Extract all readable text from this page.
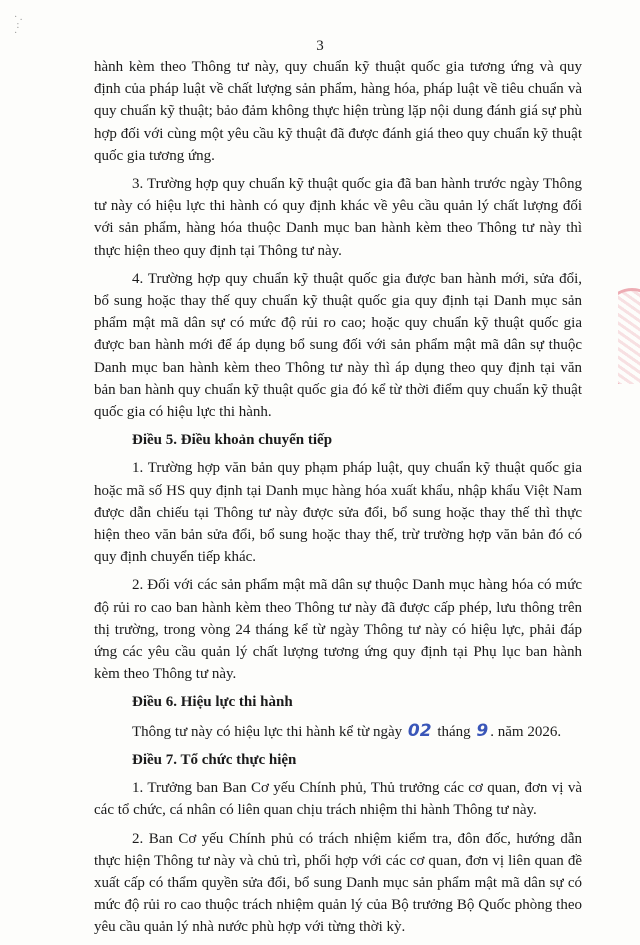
· .
:
·
3

hành kèm theo Thông tư này, quy chuẩn kỹ thuật quốc gia tương ứng và quy định của pháp luật về chất lượng sản phẩm, hàng hóa, pháp luật về tiêu chuẩn và quy chuẩn kỹ thuật; bảo đảm không thực hiện trùng lặp nội dung đánh giá sự phù hợp đối với cùng một yêu cầu kỹ thuật đã được đánh giá theo quy chuẩn kỹ thuật quốc gia tương ứng.

3. Trường hợp quy chuẩn kỹ thuật quốc gia đã ban hành trước ngày Thông tư này có hiệu lực thi hành có quy định khác về yêu cầu quản lý chất lượng đối với sản phẩm, hàng hóa thuộc Danh mục ban hành kèm theo Thông tư này thì thực hiện theo quy định tại Thông tư này.

4. Trường hợp quy chuẩn kỹ thuật quốc gia được ban hành mới, sửa đổi, bổ sung hoặc thay thế quy chuẩn kỹ thuật quốc gia quy định tại Danh mục sản phẩm mật mã dân sự có mức độ rủi ro cao; hoặc quy chuẩn kỹ thuật quốc gia được ban hành mới để áp dụng bổ sung đối với sản phẩm mật mã dân sự thuộc Danh mục ban hành kèm theo Thông tư này thì áp dụng theo quy định tại văn bản ban hành quy chuẩn kỹ thuật quốc gia đó kể từ thời điểm quy chuẩn kỹ thuật quốc gia có hiệu lực thi hành.

Điều 5. Điều khoản chuyển tiếp

1. Trường hợp văn bản quy phạm pháp luật, quy chuẩn kỹ thuật quốc gia hoặc mã số HS quy định tại Danh mục hàng hóa xuất khẩu, nhập khẩu Việt Nam được dẫn chiếu tại Thông tư này được sửa đổi, bổ sung hoặc thay thế thì thực hiện theo văn bản sửa đổi, bổ sung hoặc thay thế, trừ trường hợp văn bản đó có quy định chuyển tiếp khác.

2. Đối với các sản phẩm mật mã dân sự thuộc Danh mục hàng hóa có mức độ rủi ro cao ban hành kèm theo Thông tư này đã được cấp phép, lưu thông trên thị trường, trong vòng 24 tháng kể từ ngày Thông tư này có hiệu lực, phải đáp ứng các yêu cầu quản lý chất lượng tương ứng quy định tại Phụ lục ban hành kèm theo Thông tư này.

Điều 6. Hiệu lực thi hành

Thông tư này có hiệu lực thi hành kể từ ngày 02 tháng 9 . năm 2026.

Điều 7. Tổ chức thực hiện

1. Trưởng ban Ban Cơ yếu Chính phủ, Thủ trưởng các cơ quan, đơn vị và các tổ chức, cá nhân có liên quan chịu trách nhiệm thi hành Thông tư này.

2. Ban Cơ yếu Chính phủ có trách nhiệm kiểm tra, đôn đốc, hướng dẫn thực hiện Thông tư này và chủ trì, phối hợp với các cơ quan, đơn vị liên quan đề xuất cấp có thẩm quyền sửa đổi, bổ sung Danh mục sản phẩm mật mã dân sự có mức độ rủi ro cao thuộc trách nhiệm quản lý của Bộ trưởng Bộ Quốc phòng theo yêu cầu quản lý nhà nước phù hợp với từng thời kỳ.
